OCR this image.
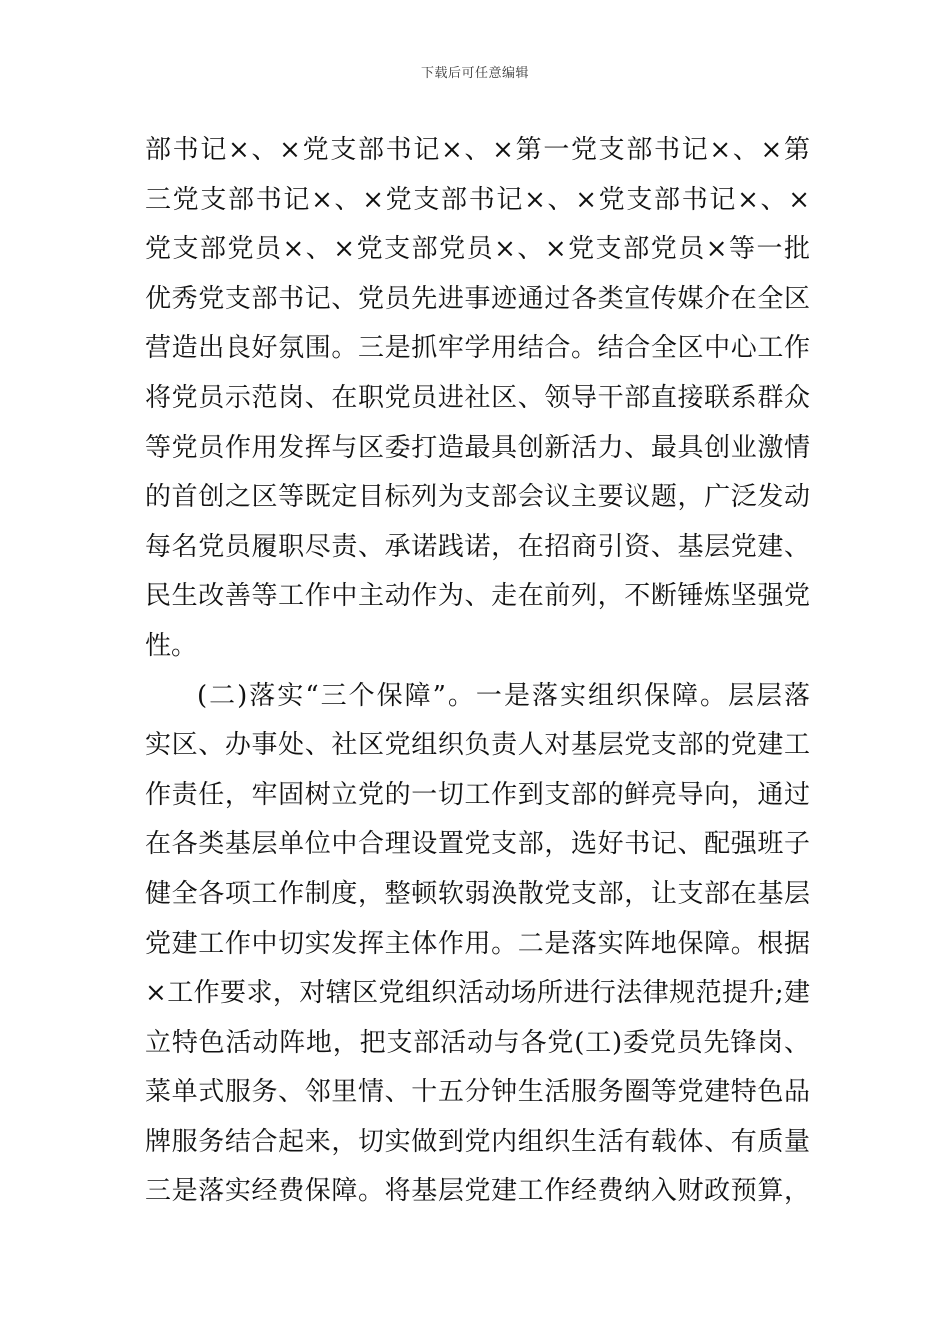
下载后可任意编辑
部书记×、×党支部书记×、×第一党支部书记×、×第
三党支部书记×、×党支部书记×、×党支部书记×、×
党支部党员×、×党支部党员×、×党支部党员×等一批
优秀党支部书记、党员先进事迹通过各类宣传媒介在全区
营造出良好氛围。三是抓牢学用结合。结合全区中心工作
将党员示范岗、在职党员进社区、领导干部直接联系群众
等党员作用发挥与区委打造最具创新活力、最具创业激情
的首创之区等既定目标列为支部会议主要议题，广泛发动
每名党员履职尽责、承诺践诺，在招商引资、基层党建、
民生改善等工作中主动作为、走在前列，不断锤炼坚强党
性。
(二)落实“三个保障”。一是落实组织保障。层层落
实区、办事处、社区党组织负责人对基层党支部的党建工
作责任，牢固树立党的一切工作到支部的鲜亮导向，通过
在各类基层单位中合理设置党支部，选好书记、配强班子
健全各项工作制度，整顿软弱涣散党支部，让支部在基层
党建工作中切实发挥主体作用。二是落实阵地保障。根据
×工作要求，对辖区党组织活动场所进行法律规范提升;建
立特色活动阵地，把支部活动与各党(工)委党员先锋岗、
菜单式服务、邻里情、十五分钟生活服务圈等党建特色品
牌服务结合起来，切实做到党内组织生活有载体、有质量
三是落实经费保障。将基层党建工作经费纳入财政预算，
